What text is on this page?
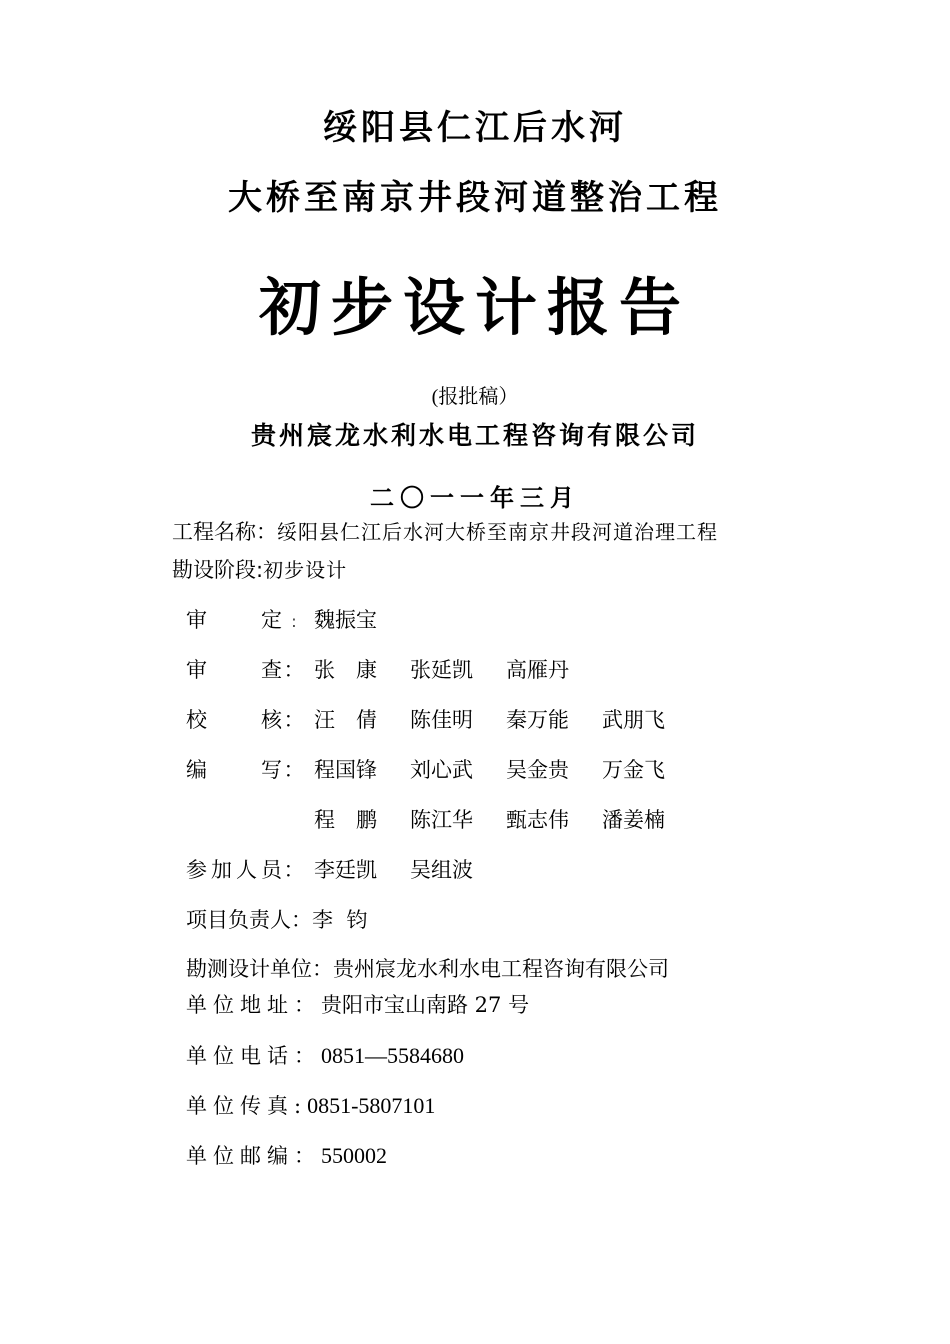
绥阳县仁江后水河
大桥至南京井段河道整治工程
初步设计报告
(报批稿）
贵州宸龙水利水电工程咨询有限公司
二〇一一年三月
工程名称：绥阳县仁江后水河大桥至南京井段河道治理工程
勘设阶段:初步设计
审定 : 魏振宝
审查： 张　康 张延凯 高雁丹
校核： 汪　倩 陈佳明 秦万能 武朋飞
编写： 程国锋 刘心武 吴金贵 万金飞
程　鹏 陈江华 甄志伟 潘姜楠
参加人员： 李廷凯 吴组波
项目负责人：李  钧
勘测设计单位：贵州宸龙水利水电工程咨询有限公司
单位地址：贵阳市宝山南路 27 号
单位电话：0851—5584680
单位传真:0851-5807101
单位邮编：550002
